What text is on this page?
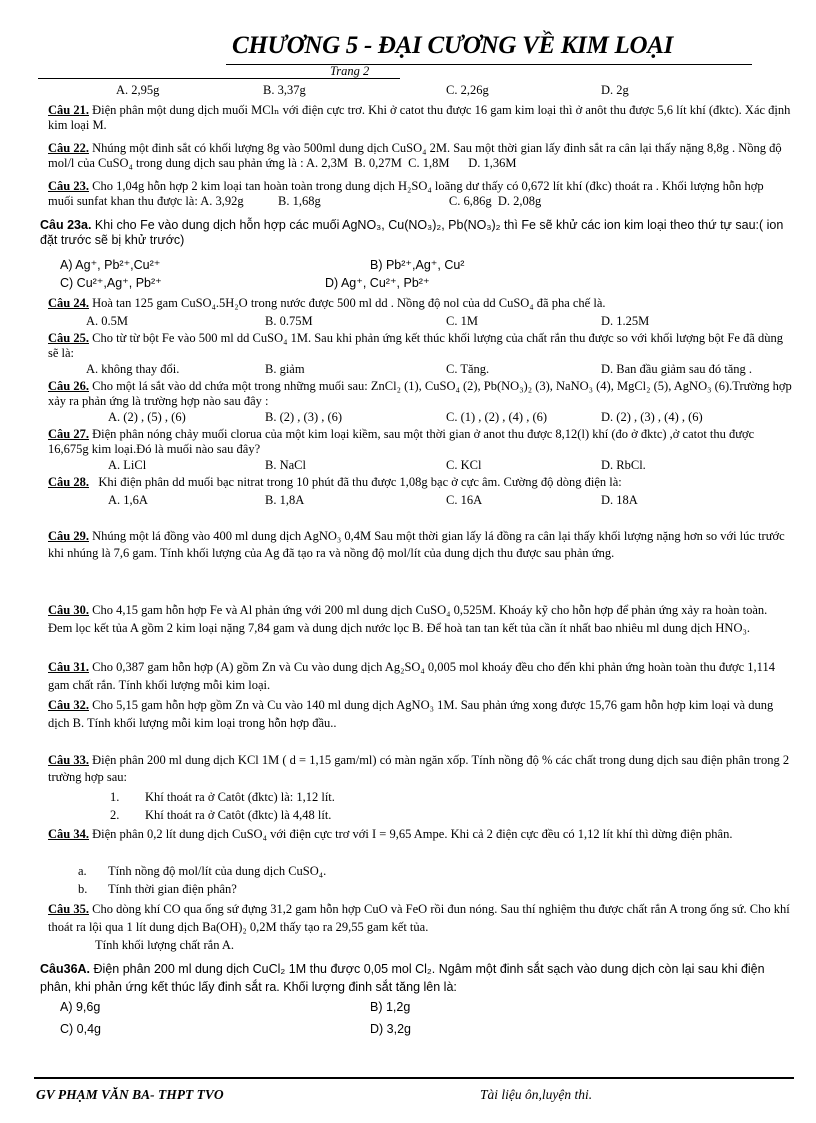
CHƯƠNG 5 - ĐẠI CƯƠNG VỀ KIM LOẠI
Trang 2
A. 2,95g	B. 3,37g	C. 2,26g	D. 2g
Câu 21. Điện phân một dung dịch muối MClₙ với điện cực trơ. Khi ở catot thu được 16 gam kim loại thì ở anôt thu được 5,6 lít khí (đktc). Xác định kim loại M.
Câu 22. Nhúng một đinh sắt có khối lượng 8g vào 500ml dung dịch CuSO₄ 2M. Sau một thời gian lấy đinh sắt ra cân lại thấy nặng 8,8g . Nồng độ mol/l của CuSO₄ trong dung dịch sau phản ứng là : A. 2,3M B. 0,27M C. 1,8M D. 1,36M
Câu 23. Cho 1,04g hỗn hợp 2 kim loại tan hoàn toàn trong dung dịch H₂SO₄ loãng dư thấy có 0,672 lít khí (đkc) thoát ra . Khối lượng hỗn hợp muối sunfat khan thu được là: A. 3,92g	B. 1,68g	C. 6,86g D. 2,08g
Câu 23a. Khi cho Fe vào dung dịch hỗn hợp các muối AgNO₃, Cu(NO₃)₂, Pb(NO₃)₂ thì Fe sẽ khử các ion kim loại theo thứ tự sau:( ion đặt trước sẽ bị khử trước)
A) Ag⁺, Pb²⁺,Cu²⁺	B) Pb²⁺,Ag⁺, Cu²
C) Cu²⁺,Ag⁺, Pb²⁺	D) Ag⁺, Cu²⁺, Pb²⁺
Câu 24. Hoà tan 125 gam CuSO₄.5H₂O trong nước được 500 ml dd . Nồng độ nol của dd CuSO₄ đã pha chế là.
A. 0.5M	B. 0.75M	C. 1M	D. 1.25M
Câu 25. Cho từ từ bột Fe vào 500 ml dd CuSO₄ 1M. Sau khi phản ứng kết thúc khối lượng của chất rắn thu được so với khối lượng bột Fe đã dùng sẽ là:
A. không thay đổi.	B. giảm	C. Tăng.	D. Ban đầu giảm sau đó tăng .
Câu 26. Cho một lá sắt vào dd chứa một trong những muối sau: ZnCl₂ (1), CuSO₄ (2), Pb(NO₃)₂ (3), NaNO₃ (4), MgCl₂ (5), AgNO₃ (6).Trường hợp xảy ra phản ứng là trường hợp nào sau đây :
A. (2) , (5) , (6)	B. (2) , (3) , (6)	C. (1) , (2) , (4) , (6)	D. (2) , (3) , (4) , (6)
Câu 27. Điện phân nóng chảy muối clorua của một kim loại kiềm, sau một thời gian ở anot thu được 8,12(l) khí (đo ở đktc) ,ở catot thu được 16,675g kim loại.Đó là muối nào sau đây?
A. LiCl	B. NaCl	C. KCl	D. RbCl.
Câu 28. Khi điện phân dd muối bạc nitrat trong 10 phút đã thu được 1,08g bạc ở cực âm. Cường độ dòng điện là:
A. 1,6A	B. 1,8A	C. 16A	D. 18A
Câu 29. Nhúng một lá đồng vào 400 ml dung dịch AgNO₃ 0,4M Sau một thời gian lấy lá đồng ra cân lại thấy khối lượng nặng hơn so với lúc trước khi nhúng là 7,6 gam. Tính khối lượng của Ag đã tạo ra và nồng độ mol/lít của dung dịch thu được sau phản ứng.
Câu 30. Cho 4,15 gam hỗn hợp Fe và Al phản ứng với 200 ml dung dịch CuSO₄ 0,525M. Khoáy kỹ cho hỗn hợp để phản ứng xảy ra hoàn toàn. Đem lọc kết tủa A gồm 2 kim loại nặng 7,84 gam và dung dịch nước lọc B. Để hoà tan tan kết tủa cần ít nhất bao nhiêu ml dung dịch HNO₃.
Câu 31. Cho 0,387 gam hỗn hợp (A) gồm Zn và Cu vào dung dịch Ag₂SO₄ 0,005 mol khoáy đều cho đến khi phản ứng hoàn toàn thu được 1,114 gam chất rắn. Tính khối lượng mỗi kim loại.
Câu 32. Cho 5,15 gam hỗn hợp gồm Zn và Cu vào 140 ml dung dịch AgNO₃ 1M. Sau phản ứng xong được 15,76 gam hỗn hợp kim loại và dung dịch B. Tính khối lượng mỗi kim loại trong hỗn hợp đầu..
Câu 33. Điện phân 200 ml dung dịch KCl 1M ( d = 1,15 gam/ml) có màn ngăn xốp. Tính nồng độ % các chất trong dung dịch sau điện phân trong 2 trường hợp sau:
1. Khí thoát ra ở Catôt (đktc) là: 1,12 lít.
2. Khí thoát ra ở Catôt (đktc) là 4,48 lít.
Câu 34. Điện phân 0,2 lít dung dịch CuSO₄ với điện cực trơ với I = 9,65 Ampe. Khi cả 2 điện cực đều có 1,12 lít khí thì dừng điện phân.
a. Tính nồng độ mol/lít của dung dịch CuSO₄.
b. Tính thời gian điện phân?
Câu 35. Cho dòng khí CO qua ống sứ đựng 31,2 gam hỗn hợp CuO và FeO rồi đun nóng. Sau thí nghiệm thu được chất rắn A trong ống sứ. Cho khí thoát ra lội qua 1 lít dung dịch Ba(OH)₂ 0,2M thấy tạo ra 29,55 gam kết tủa.
Tính khối lượng chất rắn A.
Câu36A. Điện phân 200 ml dung dịch CuCl₂ 1M thu được 0,05 mol Cl₂. Ngâm một đinh sắt sạch vào dung dịch còn lại sau khi điện phân, khi phản ứng kết thúc lấy đinh sắt ra. Khối lượng đinh sắt tăng lên là:
A) 9,6g	B) 1,2g
C) 0,4g	D) 3,2g
GV PHẠM VĂN BA- THPT TVO	Tài liệu ôn,luyện thi.
